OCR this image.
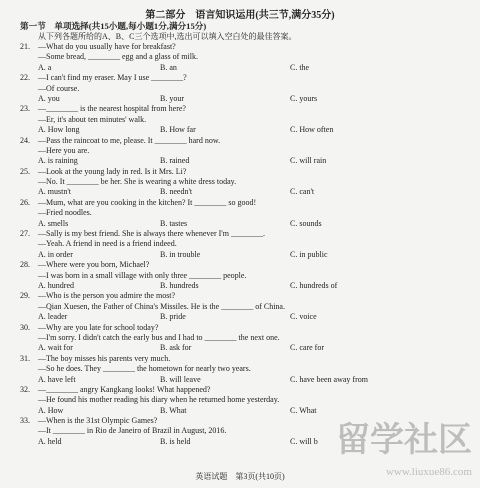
第二部分　语言知识运用(共三节,满分35分)
第一节　单项选择(共15小题,每小题1分,满分15分)
从下列各题所给的A、B、C三个选项中,选出可以填入空白处的最佳答案。
21. —What do you usually have for breakfast?
—Some bread, ________ egg and a glass of milk.
A. a	B. an	C. the
22. —I can't find my eraser. May I use ________?
—Of course.
A. you	B. your	C. yours
23. —________ is the nearest hospital from here?
—Er, it's about ten minutes' walk.
A. How long	B. How far	C. How often
24. —Pass the raincoat to me, please. It ________ hard now.
—Here you are.
A. is raining	B. rained	C. will rain
25. —Look at the young lady in red. Is it Mrs. Li?
—No. It ________ be her. She is wearing a white dress today.
A. mustn't	B. needn't	C. can't
26. —Mum, what are you cooking in the kitchen? It ________ so good!
—Fried noodles.
A. smells	B. tastes	C. sounds
27. —Sally is my best friend. She is always there whenever I'm ________.
—Yeah. A friend in need is a friend indeed.
A. in order	B. in trouble	C. in public
28. —Where were you born, Michael?
—I was born in a small village with only three ________ people.
A. hundred	B. hundreds	C. hundreds of
29. —Who is the person you admire the most?
—Qian Xuesen, the Father of China's Missiles. He is the ________ of China.
A. leader	B. pride	C. voice
30. —Why are you late for school today?
—I'm sorry. I didn't catch the early bus and I had to ________ the next one.
A. wait for	B. ask for	C. care for
31. —The boy misses his parents very much.
—So he does. They ________ the hometown for nearly two years.
A. have left	B. will leave	C. have been away from
32. —________ angry Kangkang looks! What happened?
—He found his mother reading his diary when he returned home yesterday.
A. How	B. What	C. What
33. —When is the 31st Olympic Games?
—It ________ in Rio de Janeiro of Brazil in August, 2016.
A. held	B. is held	C. will b
英语试题　第3页(共10页)
留学社区
www.liuxue86.com
